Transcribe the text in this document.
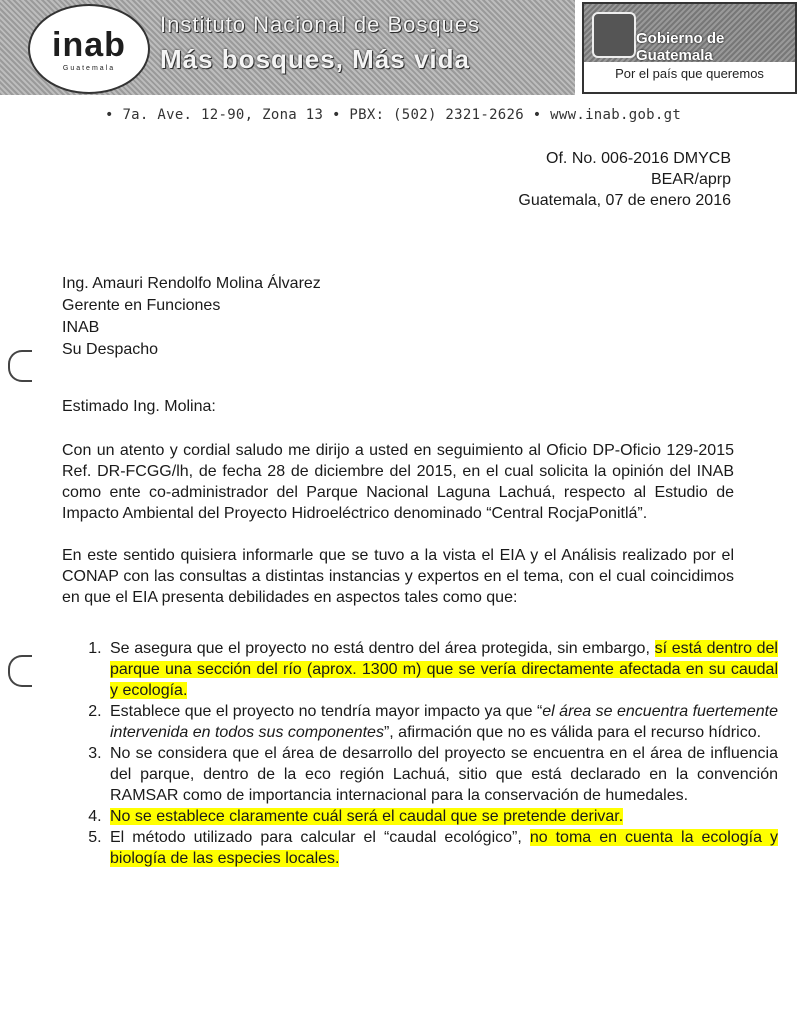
inab
Guatemala
Instituto Nacional de Bosques
Más bosques, Más vida
Gobierno de Guatemala
Por el país que queremos
• 7a. Ave. 12-90, Zona 13 • PBX: (502) 2321-2626 • www.inab.gob.gt
Of. No. 006-2016 DMYCB
BEAR/aprp
Guatemala, 07 de enero 2016
Ing. Amauri Rendolfo Molina Álvarez
Gerente en Funciones
INAB
Su Despacho
Estimado Ing. Molina:
Con un atento y cordial saludo me dirijo a usted en seguimiento al Oficio DP-Oficio 129-2015 Ref. DR-FCGG/lh, de fecha 28 de diciembre del 2015, en el cual solicita la opinión del INAB como ente co-administrador del Parque Nacional Laguna Lachuá, respecto al Estudio de Impacto Ambiental del Proyecto Hidroeléctrico denominado “Central RocjaPonitlá”.
En este sentido quisiera informarle que se tuvo a la vista el EIA y el Análisis realizado por el CONAP con las consultas a distintas instancias y expertos en el tema, con el cual coincidimos en que el EIA presenta debilidades en aspectos tales como que:
1. Se asegura que el proyecto no está dentro del área protegida, sin embargo, sí está dentro del parque una sección del río (aprox. 1300 m) que se vería directamente afectada en su caudal y ecología.
2. Establece que el proyecto no tendría mayor impacto ya que “el área se encuentra fuertemente intervenida en todos sus componentes”, afirmación que no es válida para el recurso hídrico.
3. No se considera que el área de desarrollo del proyecto se encuentra en el área de influencia del parque, dentro de la eco región Lachuá, sitio que está declarado en la convención RAMSAR como de importancia internacional para la conservación de humedales.
4. No se establece claramente cuál será el caudal que se pretende derivar.
5. El método utilizado para calcular el “caudal ecológico”, no toma en cuenta la ecología y biología de las especies locales.
